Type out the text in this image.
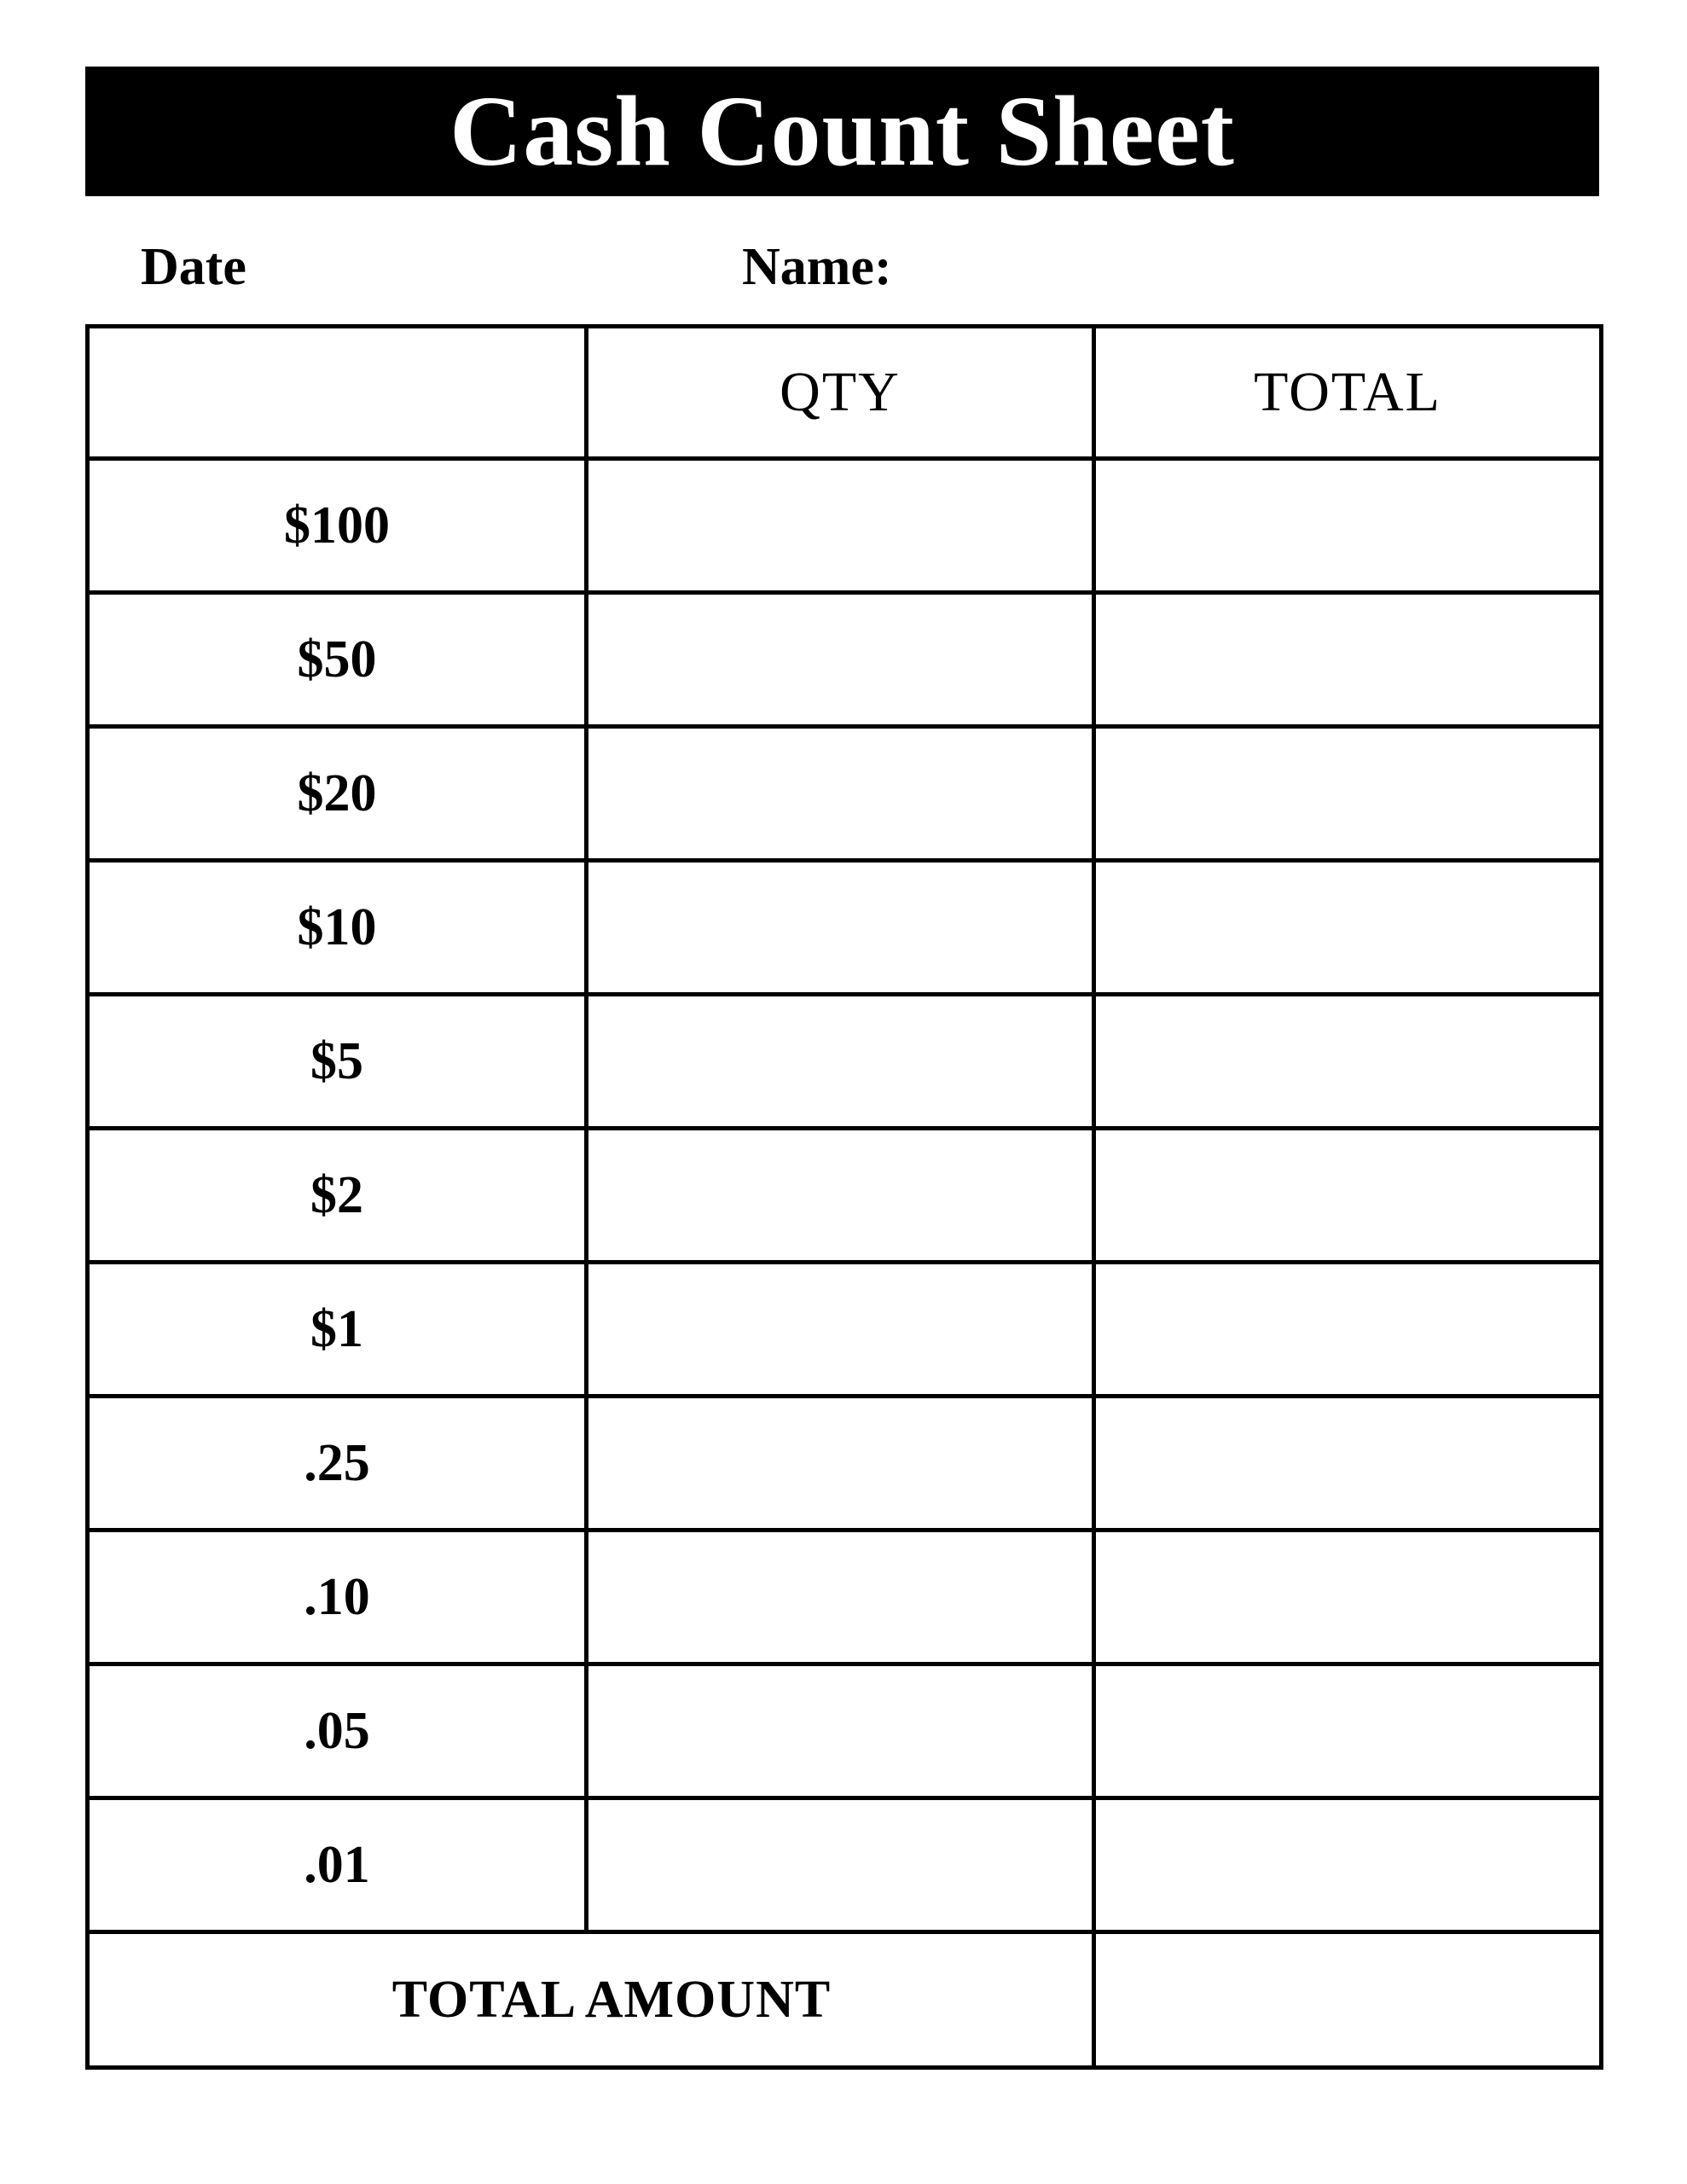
Cash Count Sheet
Date	Name:
	QTY	TOTAL
$100		
$50		
$20		
$10		
$5		
$2		
$1		
.25		
.10		
.05		
.01		
TOTAL AMOUNT		
